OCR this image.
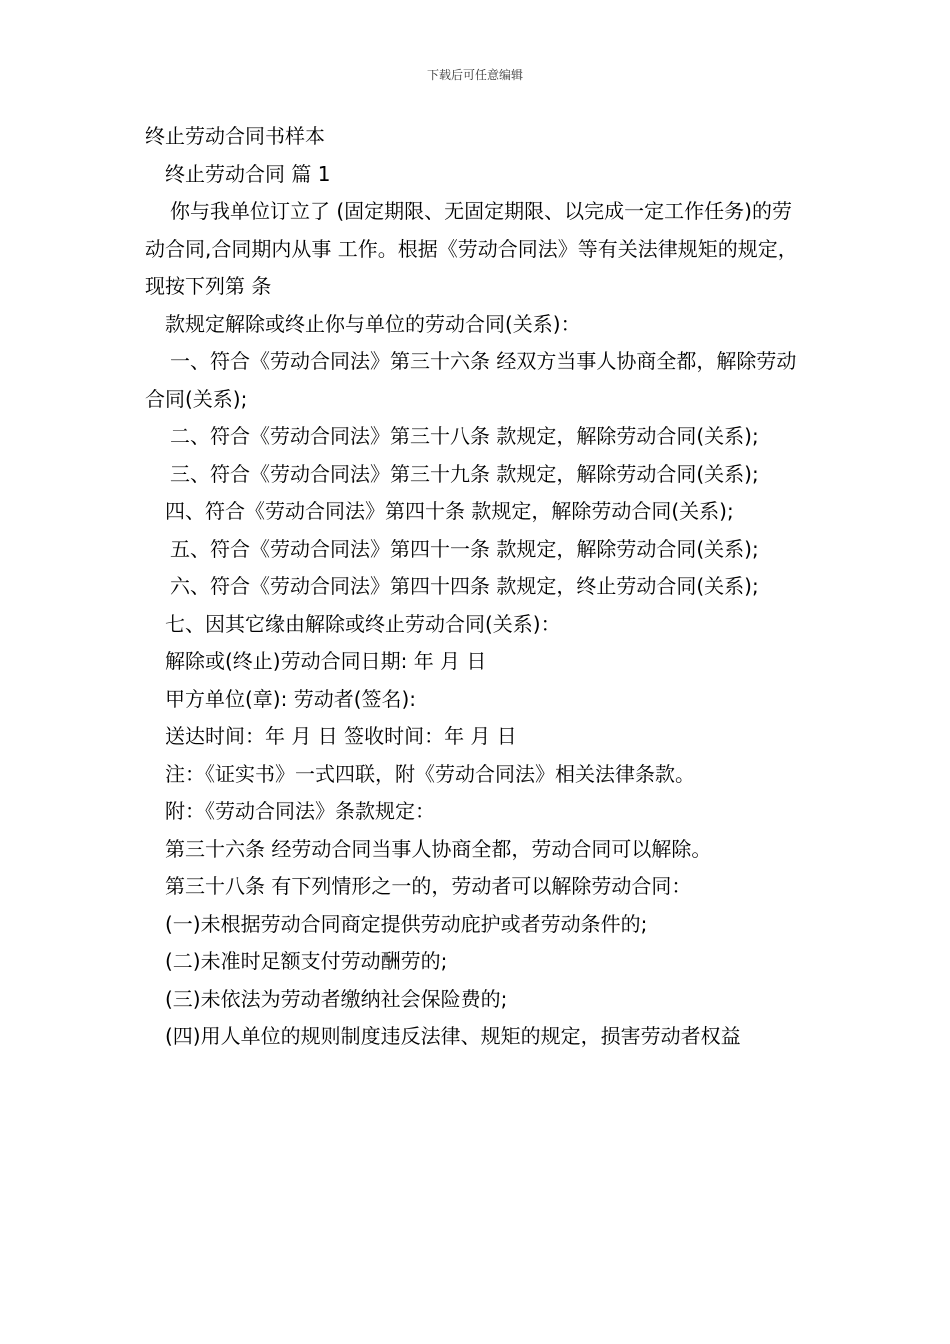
下载后可任意编辑

终止劳动合同书样本

终止劳动合同 篇 1

你与我单位订立了 (固定期限、无固定期限、以完成一定工作任务)的劳动合同,合同期内从事 工作。根据《劳动合同法》等有关法律规矩的规定，现按下列第 条

款规定解除或终止你与单位的劳动合同(关系)：

一、符合《劳动合同法》第三十六条 经双方当事人协商全都，解除劳动合同(关系);

二、符合《劳动合同法》第三十八条 款规定，解除劳动合同(关系);

三、符合《劳动合同法》第三十九条 款规定，解除劳动合同(关系);

四、符合《劳动合同法》第四十条 款规定，解除劳动合同(关系);

五、符合《劳动合同法》第四十一条 款规定，解除劳动合同(关系);

六、符合《劳动合同法》第四十四条 款规定，终止劳动合同(关系);

七、因其它缘由解除或终止劳动合同(关系)：

解除或(终止)劳动合同日期: 年 月 日

甲方单位(章): 劳动者(签名):

送达时间：年 月 日 签收时间：年 月 日

注：《证实书》一式四联，附《劳动合同法》相关法律条款。

附：《劳动合同法》条款规定：

第三十六条 经劳动合同当事人协商全都，劳动合同可以解除。

第三十八条 有下列情形之一的，劳动者可以解除劳动合同：

(一)未根据劳动合同商定提供劳动庇护或者劳动条件的;

(二)未准时足额支付劳动酬劳的;

(三)未依法为劳动者缴纳社会保险费的;

(四)用人单位的规则制度违反法律、规矩的规定，损害劳动者权益
